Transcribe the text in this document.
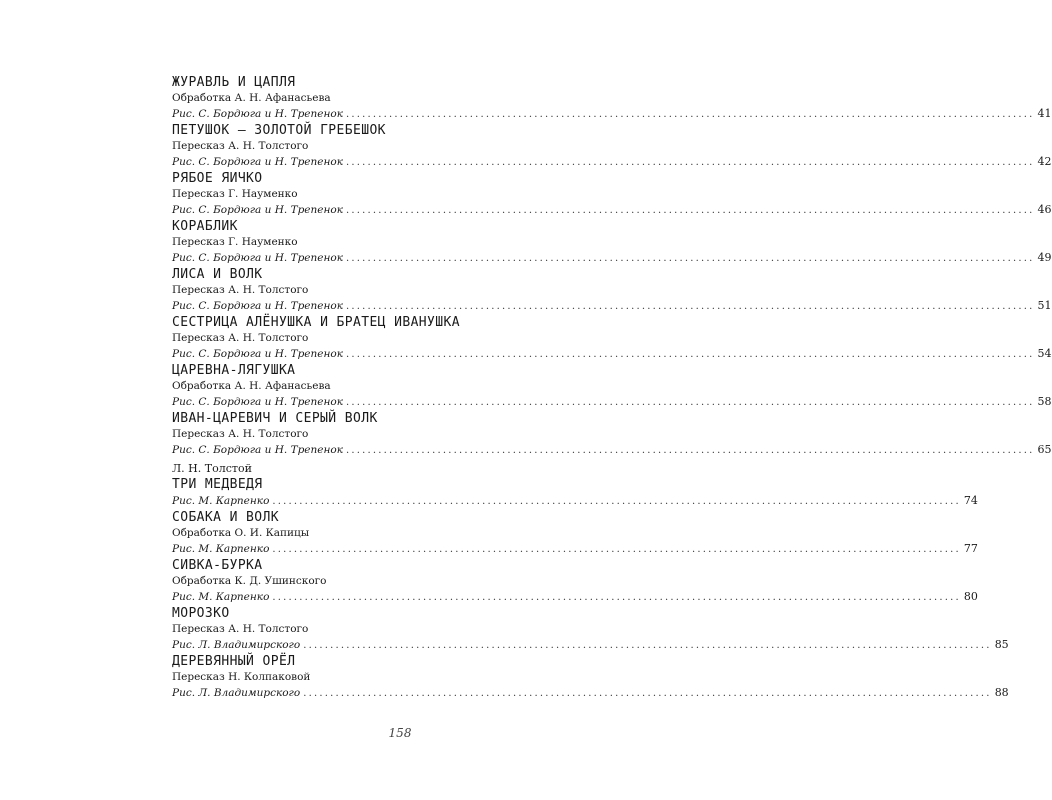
ЖУРАВЛЬ И ЦАПЛЯ
Обработка А. Н. Афанасьева
Рис. С. Бордюга и Н. Трепенок ................................................................................................................................ 41
ПЕТУШОК — ЗОЛОТОЙ ГРЕБЕШОК
Пересказ А. Н. Толстого
Рис. С. Бордюга и Н. Трепенок ................................................................................................................................ 42
РЯБОЕ ЯИЧКО
Пересказ Г. Науменко
Рис. С. Бордюга и Н. Трепенок ................................................................................................................................ 46
КОРАБЛИК
Пересказ Г. Науменко
Рис. С. Бордюга и Н. Трепенок ................................................................................................................................ 49
ЛИСА И ВОЛК
Пересказ А. Н. Толстого
Рис. С. Бордюга и Н. Трепенок ................................................................................................................................ 51
СЕСТРИЦА АЛЁНУШКА И БРАТЕЦ ИВАНУШКА
Пересказ А. Н. Толстого
Рис. С. Бордюга и Н. Трепенок ................................................................................................................................ 54
ЦАРЕВНА-ЛЯГУШКА
Обработка А. Н. Афанасьева
Рис. С. Бордюга и Н. Трепенок ................................................................................................................................ 58
ИВАН-ЦАРЕВИЧ И СЕРЫЙ ВОЛК
Пересказ А. Н. Толстого
Рис. С. Бордюга и Н. Трепенок ................................................................................................................................ 65
Л. Н. Толстой
ТРИ МЕДВЕДЯ
Рис. М. Карпенко ................................................................................................................................ 74
СОБАКА И ВОЛК
Обработка О. И. Капицы
Рис. М. Карпенко ................................................................................................................................ 77
СИВКА-БУРКА
Обработка К. Д. Ушинского
Рис. М. Карпенко ................................................................................................................................ 80
МОРОЗКО
Пересказ А. Н. Толстого
Рис. Л. Владимирского ................................................................................................................................ 85
ДЕРЕВЯННЫЙ ОРЁЛ
Пересказ Н. Колпаковой
Рис. Л. Владимирского ................................................................................................................................ 88
158
